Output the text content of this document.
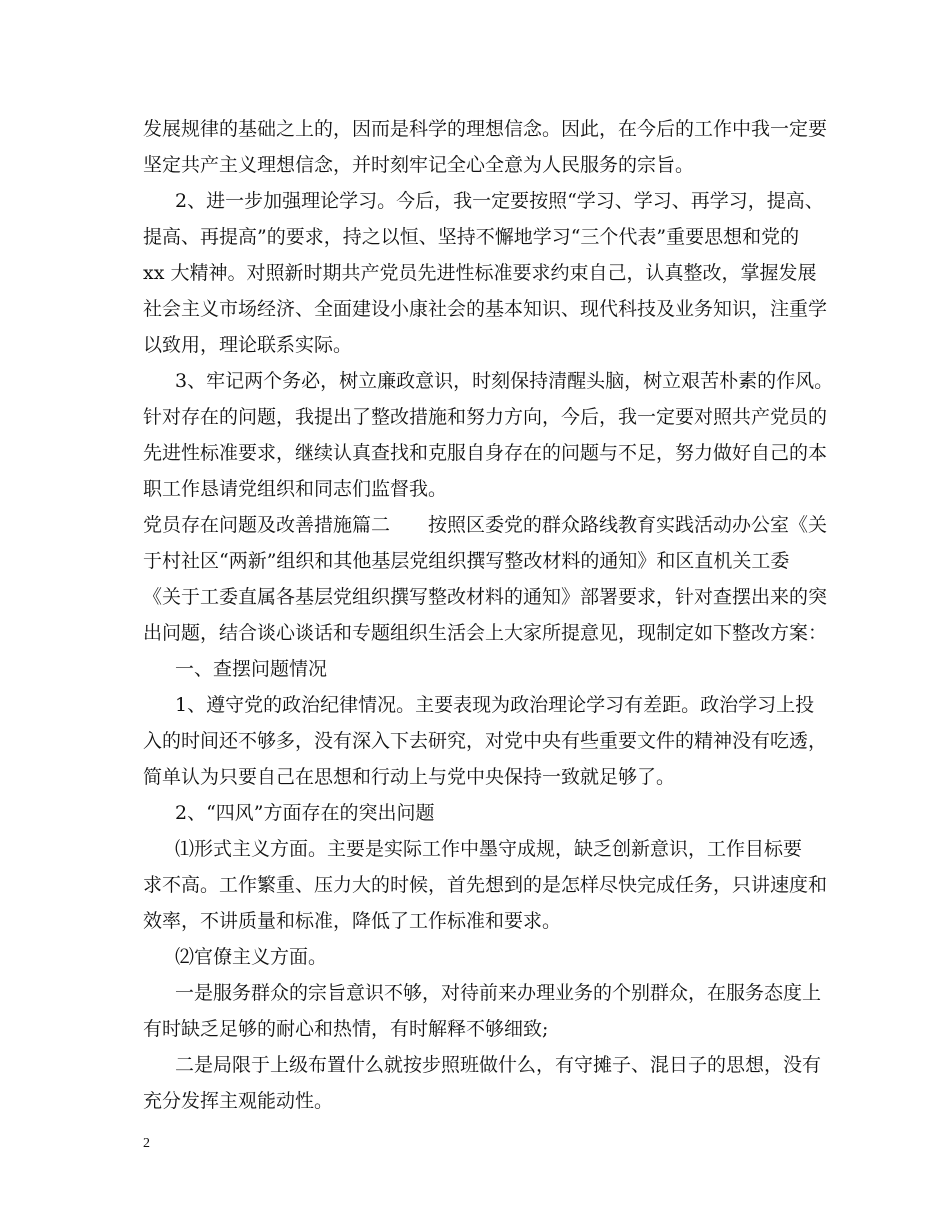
发展规律的基础之上的，因而是科学的理想信念。因此，在今后的工作中我一定要
坚定共产主义理想信念，并时刻牢记全心全意为人民服务的宗旨。
2、进一步加强理论学习。今后，我一定要按照“学习、学习、再学习，提高、
提高、再提高”的要求，持之以恒、坚持不懈地学习“三个代表”重要思想和党的
xx 大精神。对照新时期共产党员先进性标准要求约束自己，认真整改，掌握发展
社会主义市场经济、全面建设小康社会的基本知识、现代科技及业务知识，注重学
以致用，理论联系实际。
3、牢记两个务必，树立廉政意识，时刻保持清醒头脑，树立艰苦朴素的作风。
针对存在的问题，我提出了整改措施和努力方向，今后，我一定要对照共产党员的
先进性标准要求，继续认真查找和克服自身存在的问题与不足，努力做好自己的本
职工作恳请党组织和同志们监督我。
党员存在问题及改善措施篇二　　按照区委党的群众路线教育实践活动办公室《关
于村社区“两新”组织和其他基层党组织撰写整改材料的通知》和区直机关工委
《关于工委直属各基层党组织撰写整改材料的通知》部署要求，针对查摆出来的突
出问题，结合谈心谈话和专题组织生活会上大家所提意见，现制定如下整改方案：
一、查摆问题情况
1、遵守党的政治纪律情况。主要表现为政治理论学习有差距。政治学习上投
入的时间还不够多，没有深入下去研究，对党中央有些重要文件的精神没有吃透，
简单认为只要自己在思想和行动上与党中央保持一致就足够了。
2、“四风”方面存在的突出问题
⑴形式主义方面。主要是实际工作中墨守成规，缺乏创新意识，工作目标要
求不高。工作繁重、压力大的时候，首先想到的是怎样尽快完成任务，只讲速度和
效率，不讲质量和标准，降低了工作标准和要求。
⑵官僚主义方面。
一是服务群众的宗旨意识不够，对待前来办理业务的个别群众，在服务态度上
有时缺乏足够的耐心和热情，有时解释不够细致;
二是局限于上级布置什么就按步照班做什么，有守摊子、混日子的思想，没有
充分发挥主观能动性。
2
